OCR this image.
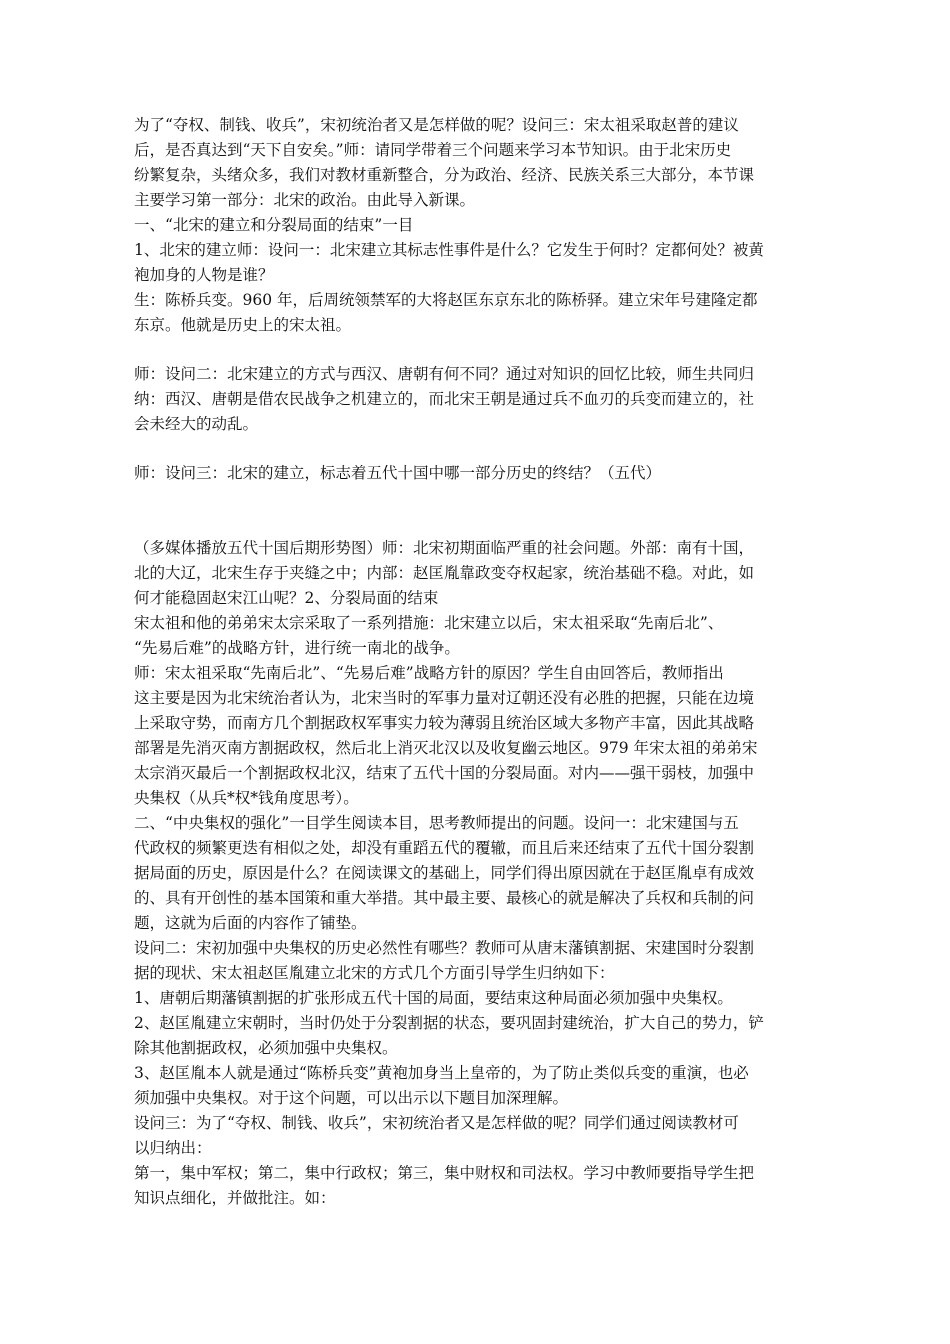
为了“夺权、制钱、收兵”，宋初统治者又是怎样做的呢？设问三：宋太祖采取赵普的建议
后，是否真达到“天下自安矣。”师：请同学带着三个问题来学习本节知识。由于北宋历史
纷繁复杂，头绪众多，我们对教材重新整合，分为政治、经济、民族关系三大部分，本节课
主要学习第一部分：北宋的政治。由此导入新课。
一、“北宋的建立和分裂局面的结束”一目
1、北宋的建立师：设问一：北宋建立其标志性事件是什么？它发生于何时？定都何处？被黄
袍加身的人物是谁？
生：陈桥兵变。960 年，后周统领禁军的大将赵匡东京东北的陈桥驿。建立宋年号建隆定都
东京。他就是历史上的宋太祖。
师：设问二：北宋建立的方式与西汉、唐朝有何不同？通过对知识的回忆比较，师生共同归
纳：西汉、唐朝是借农民战争之机建立的，而北宋王朝是通过兵不血刃的兵变而建立的，社
会未经大的动乱。
师：设问三：北宋的建立，标志着五代十国中哪一部分历史的终结？（五代）
（多媒体播放五代十国后期形势图）师：北宋初期面临严重的社会问题。外部：南有十国，
北的大辽，北宋生存于夹缝之中；内部：赵匡胤靠政变夺权起家，统治基础不稳。对此，如
何才能稳固赵宋江山呢？2、分裂局面的结束
宋太祖和他的弟弟宋太宗采取了一系列措施：北宋建立以后，宋太祖采取“先南后北”、
“先易后难”的战略方针，进行统一南北的战争。
师：宋太祖采取“先南后北”、“先易后难”战略方针的原因？学生自由回答后，教师指出
这主要是因为北宋统治者认为，北宋当时的军事力量对辽朝还没有必胜的把握，只能在边境
上采取守势，而南方几个割据政权军事实力较为薄弱且统治区域大多物产丰富，因此其战略
部署是先消灭南方割据政权，然后北上消灭北汉以及收复幽云地区。979 年宋太祖的弟弟宋
太宗消灭最后一个割据政权北汉，结束了五代十国的分裂局面。对内——强干弱枝，加强中
央集权（从兵*权*钱角度思考）。
二、“中央集权的强化”一目学生阅读本目，思考教师提出的问题。设问一：北宋建国与五
代政权的频繁更迭有相似之处，却没有重蹈五代的覆辙，而且后来还结束了五代十国分裂割
据局面的历史，原因是什么？在阅读课文的基础上，同学们得出原因就在于赵匡胤卓有成效
的、具有开创性的基本国策和重大举措。其中最主要、最核心的就是解决了兵权和兵制的问
题，这就为后面的内容作了铺垫。
设问二：宋初加强中央集权的历史必然性有哪些？教师可从唐末藩镇割据、宋建国时分裂割
据的现状、宋太祖赵匡胤建立北宋的方式几个方面引导学生归纳如下：
1、唐朝后期藩镇割据的扩张形成五代十国的局面，要结束这种局面必须加强中央集权。
2、赵匡胤建立宋朝时，当时仍处于分裂割据的状态，要巩固封建统治，扩大自己的势力，铲
除其他割据政权，必须加强中央集权。
3、赵匡胤本人就是通过“陈桥兵变”黄袍加身当上皇帝的，为了防止类似兵变的重演，也必
须加强中央集权。对于这个问题，可以出示以下题目加深理解。
设问三：为了“夺权、制钱、收兵”，宋初统治者又是怎样做的呢？同学们通过阅读教材可
以归纳出：
第一，集中军权；第二，集中行政权；第三，集中财权和司法权。学习中教师要指导学生把
知识点细化，并做批注。如：
